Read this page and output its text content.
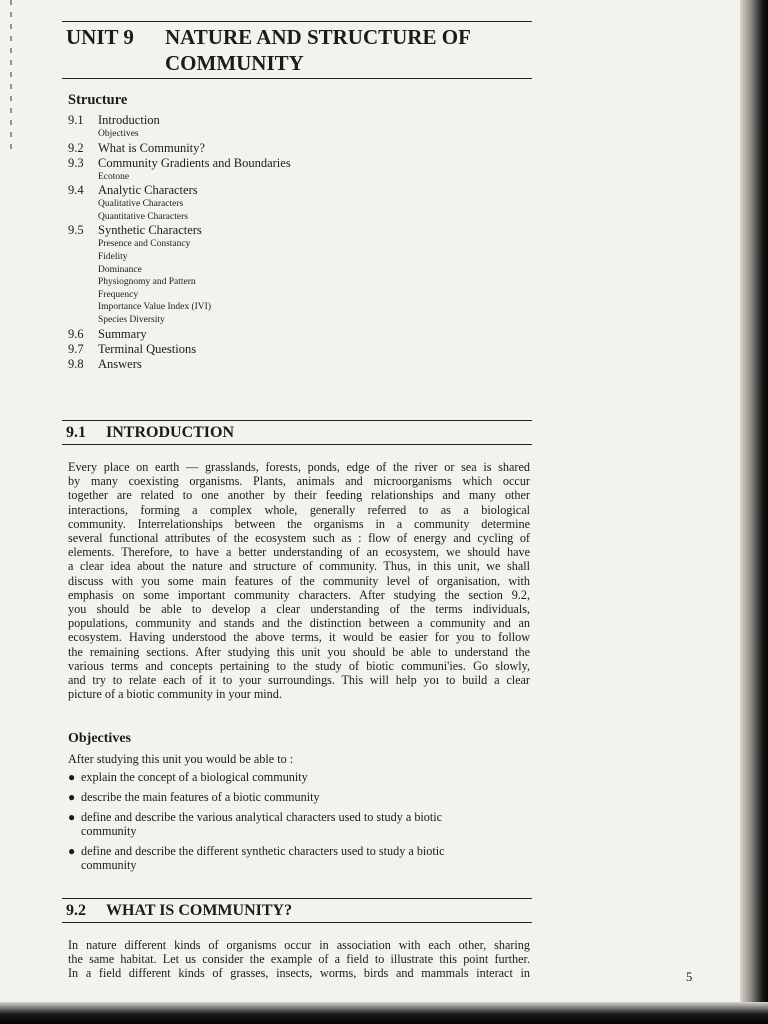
UNIT 9 NATURE AND STRUCTURE OF
COMMUNITY
Structure
9.1 Introduction
Objectives
9.2 What is Community?
9.3 Community Gradients and Boundaries
Ecotone
9.4 Analytic Characters
Qualitative Characters
Quantitative Characters
9.5 Synthetic Characters
Presence and Constancy
Fidelity
Dominance
Physiognomy and Pattern
Frequency
Importance Value Index (IVI)
Species Diversity
9.6 Summary
9.7 Terminal Questions
9.8 Answers
9.1 INTRODUCTION

Every place on earth — grasslands, forests, ponds, edge of the river or sea is shared
by many coexisting organisms. Plants, animals and microorganisms which occur
together are related to one another by their feeding relationships and many other
interactions, forming a complex whole, generally referred to as a biological
community. Interrelationships between the organisms in a community determine
several functional attributes of the ecosystem such as : flow of energy and cycling of
elements. Therefore, to have a better understanding of an ecosystem, we should have
a clear idea about the nature and structure of community. Thus, in this unit, we shall
discuss with you some main features of the community level of organisation, with
emphasis on some important community characters. After studying the section 9.2,
you should be able to develop a clear understanding of the terms individuals,
populations, community and stands and the distinction between a community and an
ecosystem. Having understood the above terms, it would be easier for you to follow
the remaining sections. After studying this unit you should be able to understand the
various terms and concepts pertaining to the study of biotic communi'ies. Go slowly,
and try to relate each of it to your surroundings. This will help yoı to build a clear
picture of a biotic community in your mind.

Objectives

After studying this unit you would be able to :

● explain the concept of a biological community
● describe the main features of a biotic community
● define and describe the various analytical characters used to study a biotic
community
● define and describe the different synthetic characters used to study a biotic
community
9.2 WHAT IS COMMUNITY?

In nature different kinds of organisms occur in association with each other, sharing
the same habitat. Let us consider the example of a field to illustrate this point further.
In a field different kinds of grasses, insects, worms, birds and mammals interact in	5
